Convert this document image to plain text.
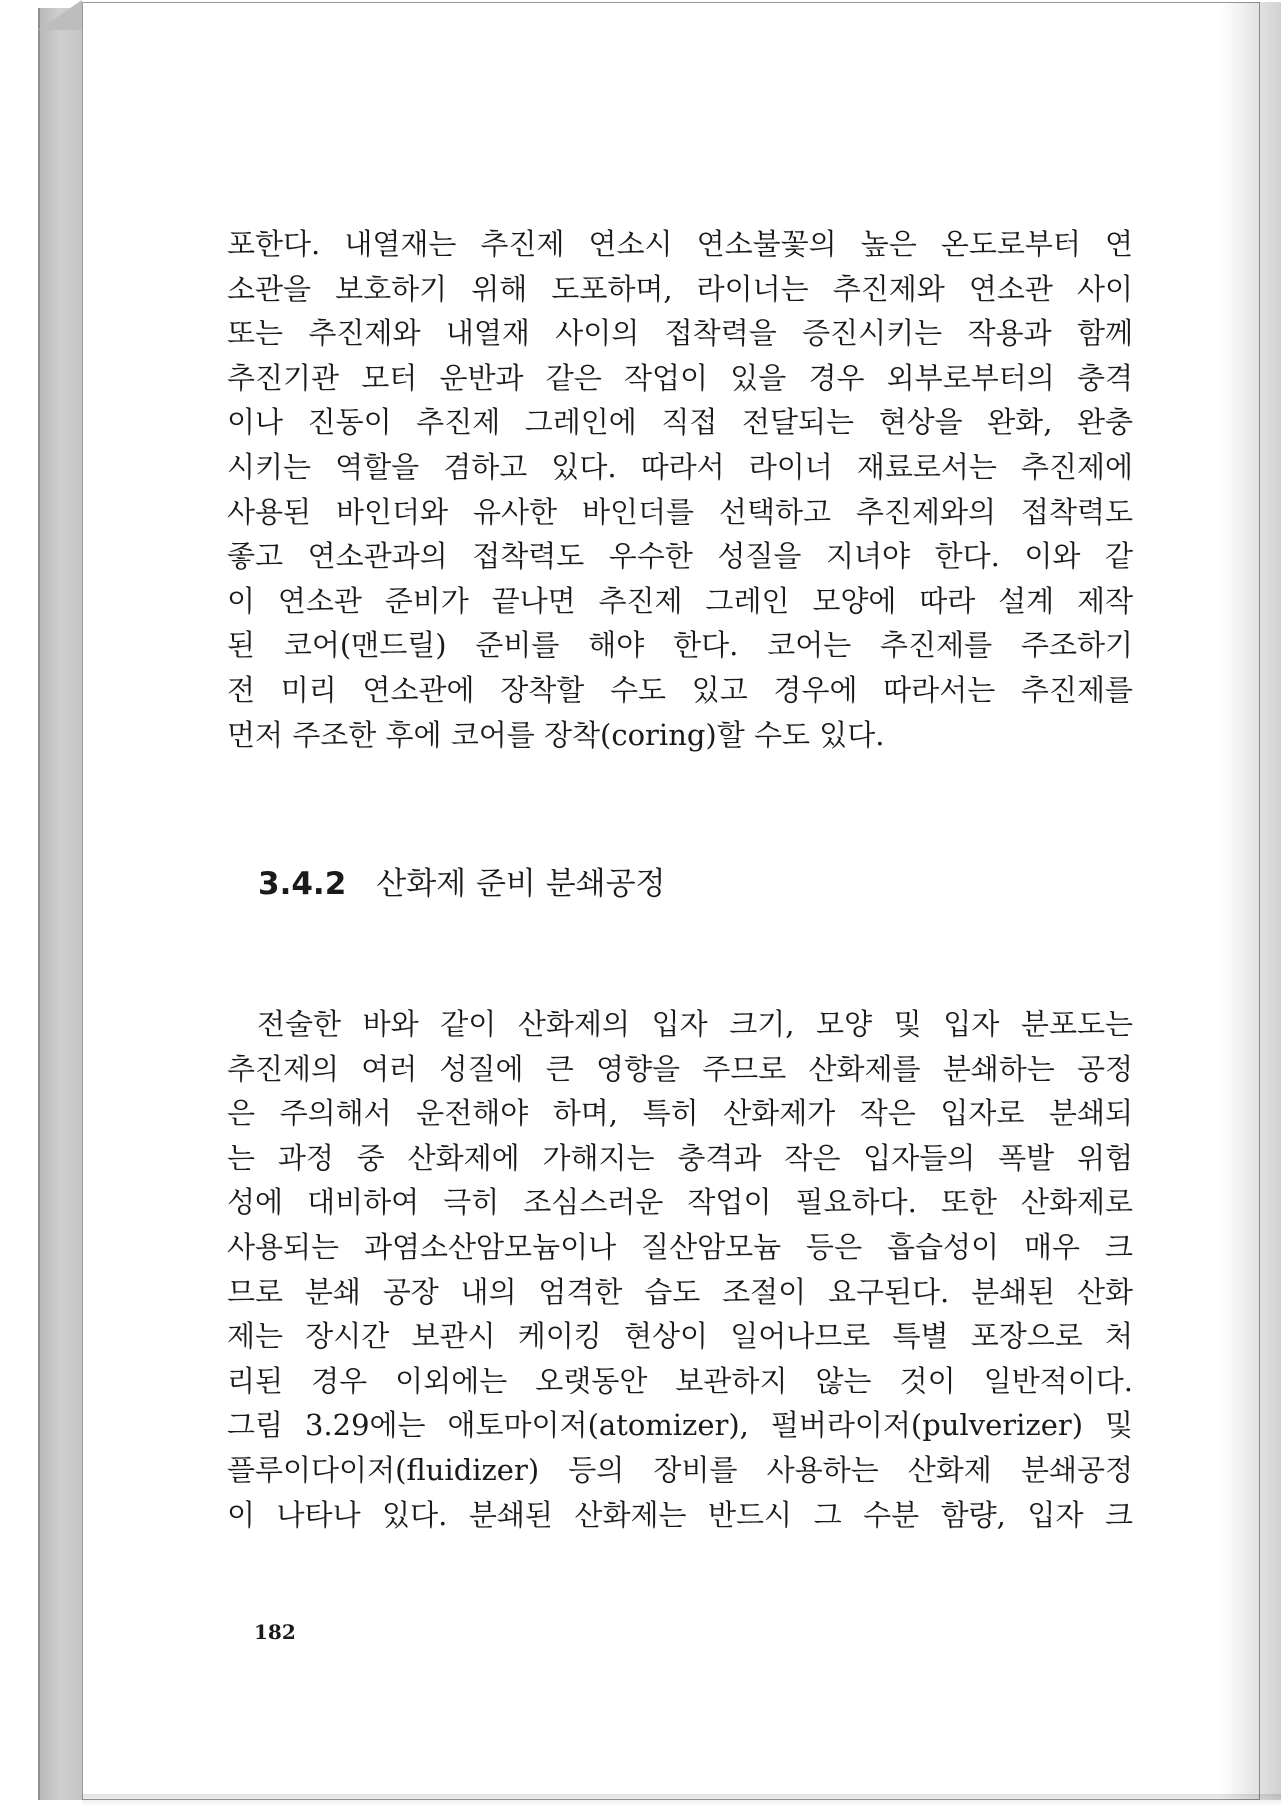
포한다. 내열재는 추진제 연소시 연소불꽃의 높은 온도로부터 연
소관을 보호하기 위해 도포하며, 라이너는 추진제와 연소관 사이
또는 추진제와 내열재 사이의 접착력을 증진시키는 작용과 함께
추진기관 모터 운반과 같은 작업이 있을 경우 외부로부터의 충격
이나 진동이 추진제 그레인에 직접 전달되는 현상을 완화, 완충
시키는 역할을 겸하고 있다. 따라서 라이너 재료로서는 추진제에
사용된 바인더와 유사한 바인더를 선택하고 추진제와의 접착력도
좋고 연소관과의 접착력도 우수한 성질을 지녀야 한다. 이와 같
이 연소관 준비가 끝나면 추진제 그레인 모양에 따라 설계 제작
된 코어(맨드릴) 준비를 해야 한다. 코어는 추진제를 주조하기
전 미리 연소관에 장착할 수도 있고 경우에 따라서는 추진제를
먼저 주조한 후에 코어를 장착(coring)할 수도 있다.
3.4.2 산화제 준비 분쇄공정
전술한 바와 같이 산화제의 입자 크기, 모양 및 입자 분포도는
추진제의 여러 성질에 큰 영향을 주므로 산화제를 분쇄하는 공정
은 주의해서 운전해야 하며, 특히 산화제가 작은 입자로 분쇄되
는 과정 중 산화제에 가해지는 충격과 작은 입자들의 폭발 위험
성에 대비하여 극히 조심스러운 작업이 필요하다. 또한 산화제로
사용되는 과염소산암모늄이나 질산암모늄 등은 흡습성이 매우 크
므로 분쇄 공장 내의 엄격한 습도 조절이 요구된다. 분쇄된 산화
제는 장시간 보관시 케이킹 현상이 일어나므로 특별 포장으로 처
리된 경우 이외에는 오랫동안 보관하지 않는 것이 일반적이다.
그림 3.29에는 애토마이저(atomizer), 펄버라이저(pulverizer) 및
플루이다이저(fluidizer) 등의 장비를 사용하는 산화제 분쇄공정
이 나타나 있다. 분쇄된 산화제는 반드시 그 수분 함량, 입자 크
182
